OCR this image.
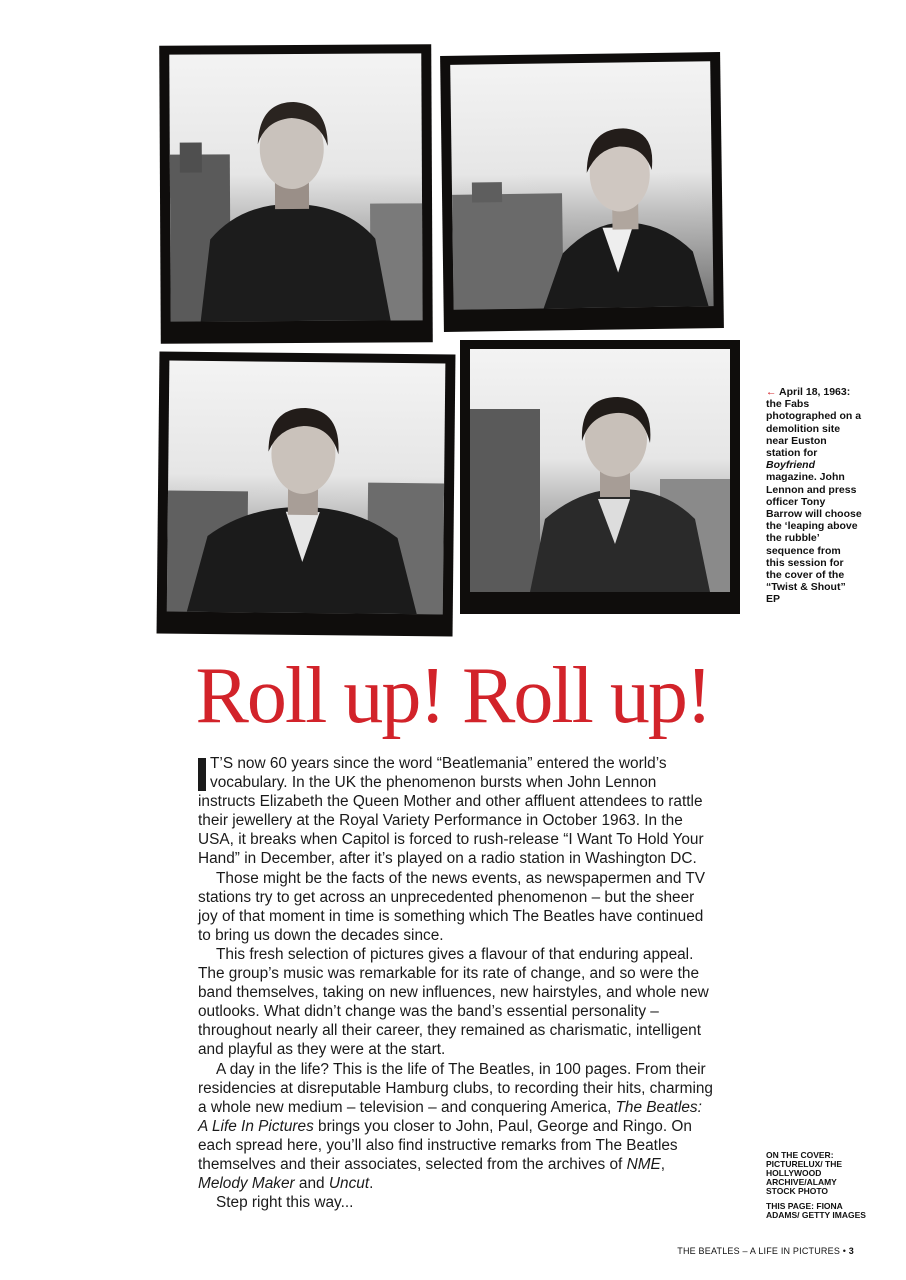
← April 18, 1963: the Fabs photographed on a demolition site near Euston station for Boyfriend magazine. John Lennon and press officer Tony Barrow will choose the ‘leaping above the rubble’ sequence from this session for the cover of the “Twist & Shout” EP
Roll up! Roll up!

T’S now 60 years since the word “Beatlemania” entered the world’s vocabulary. In the UK the phenomenon bursts when John Lennon instructs Elizabeth the Queen Mother and other affluent attendees to rattle their jewellery at the Royal Variety Performance in October 1963. In the USA, it breaks when Capitol is forced to rush-release “I Want To Hold Your Hand” in December, after it’s played on a radio station in Washington DC.

Those might be the facts of the news events, as newspapermen and TV stations try to get across an unprecedented phenomenon – but the sheer joy of that moment in time is something which The Beatles have continued to bring us down the decades since.

This fresh selection of pictures gives a flavour of that enduring appeal. The group’s music was remarkable for its rate of change, and so were the band themselves, taking on new influences, new hairstyles, and whole new outlooks. What didn’t change was the band’s essential personality – throughout nearly all their career, they remained as charismatic, intelligent and playful as they were at the start.

A day in the life? This is the life of The Beatles, in 100 pages. From their residencies at disreputable Hamburg clubs, to recording their hits, charming a whole new medium – television – and conquering America, The Beatles: A Life In Pictures brings you closer to John, Paul, George and Ringo. On each spread here, you’ll also find instructive remarks from The Beatles themselves and their associates, selected from the archives of NME, Melody Maker and Uncut.

Step right this way...

ON THE COVER: PICTURELUX/ THE HOLLYWOOD ARCHIVE/ALAMY STOCK PHOTO

THIS PAGE: FIONA ADAMS/ GETTY IMAGES

THE BEATLES – A LIFE IN PICTURES • 3
